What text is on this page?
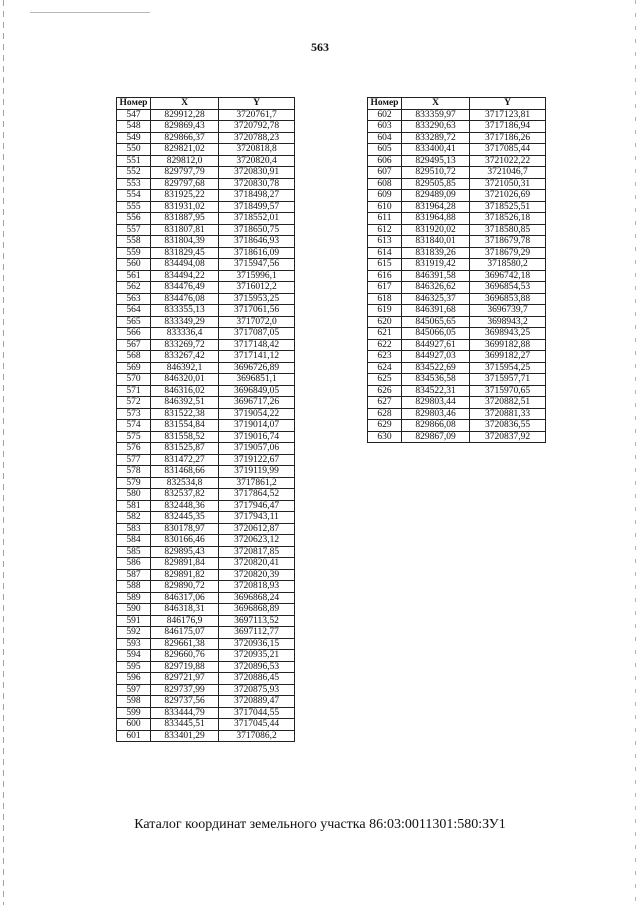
563
Номер	X	Y
547	829912,28	3720761,7
548	829869,43	3720792,78
549	829866,37	3720788,23
550	829821,02	3720818,8
551	829812,0	3720820,4
552	829797,79	3720830,91
553	829797,68	3720830,78
554	831925,22	3718498,27
555	831931,02	3718499,57
556	831887,95	3718552,01
557	831807,81	3718650,75
558	831804,39	3718646,93
559	831829,45	3718616,09
560	834494,08	3715947,56
561	834494,22	3715996,1
562	834476,49	3716012,2
563	834476,08	3715953,25
564	833355,13	3717061,56
565	833349,29	3717072,0
566	833336,4	3717087,05
567	833269,72	3717148,42
568	833267,42	3717141,12
569	846392,1	3696726,89
570	846320,01	3696851,1
571	846316,02	3696849,05
572	846392,51	3696717,26
573	831522,38	3719054,22
574	831554,84	3719014,07
575	831558,52	3719016,74
576	831525,87	3719057,06
577	831472,27	3719122,67
578	831468,66	3719119,99
579	832534,8	3717861,2
580	832537,82	3717864,52
581	832448,36	3717946,47
582	832445,35	3717943,11
583	830178,97	3720612,87
584	830166,46	3720623,12
585	829895,43	3720817,85
586	829891,84	3720820,41
587	829891,82	3720820,39
588	829890,72	3720818,93
589	846317,06	3696868,24
590	846318,31	3696868,89
591	846176,9	3697113,52
592	846175,07	3697112,77
593	829661,38	3720936,15
594	829660,76	3720935,21
595	829719,88	3720896,53
596	829721,97	3720886,45
597	829737,99	3720875,93
598	829737,56	3720889,47
599	833444,79	3717044,55
600	833445,51	3717045,44
601	833401,29	3717086,2
Номер	X	Y
602	833359,97	3717123,81
603	833290,63	3717186,94
604	833289,72	3717186,26
605	833400,41	3717085,44
606	829495,13	3721022,22
607	829510,72	3721046,7
608	829505,85	3721050,31
609	829489,09	3721026,69
610	831964,28	3718525,51
611	831964,88	3718526,18
612	831920,02	3718580,85
613	831840,01	3718679,78
614	831839,26	3718679,29
615	831919,42	3718580,2
616	846391,58	3696742,18
617	846326,62	3696854,53
618	846325,37	3696853,88
619	846391,68	3696739,7
620	845065,65	3698943,2
621	845066,05	3698943,25
622	844927,61	3699182,88
623	844927,03	3699182,27
624	834522,69	3715954,25
625	834536,58	3715957,71
626	834522,31	3715970,65
627	829803,44	3720882,51
628	829803,46	3720881,33
629	829866,08	3720836,55
630	829867,09	3720837,92
Каталог координат земельного участка 86:03:0011301:580:ЗУ1
